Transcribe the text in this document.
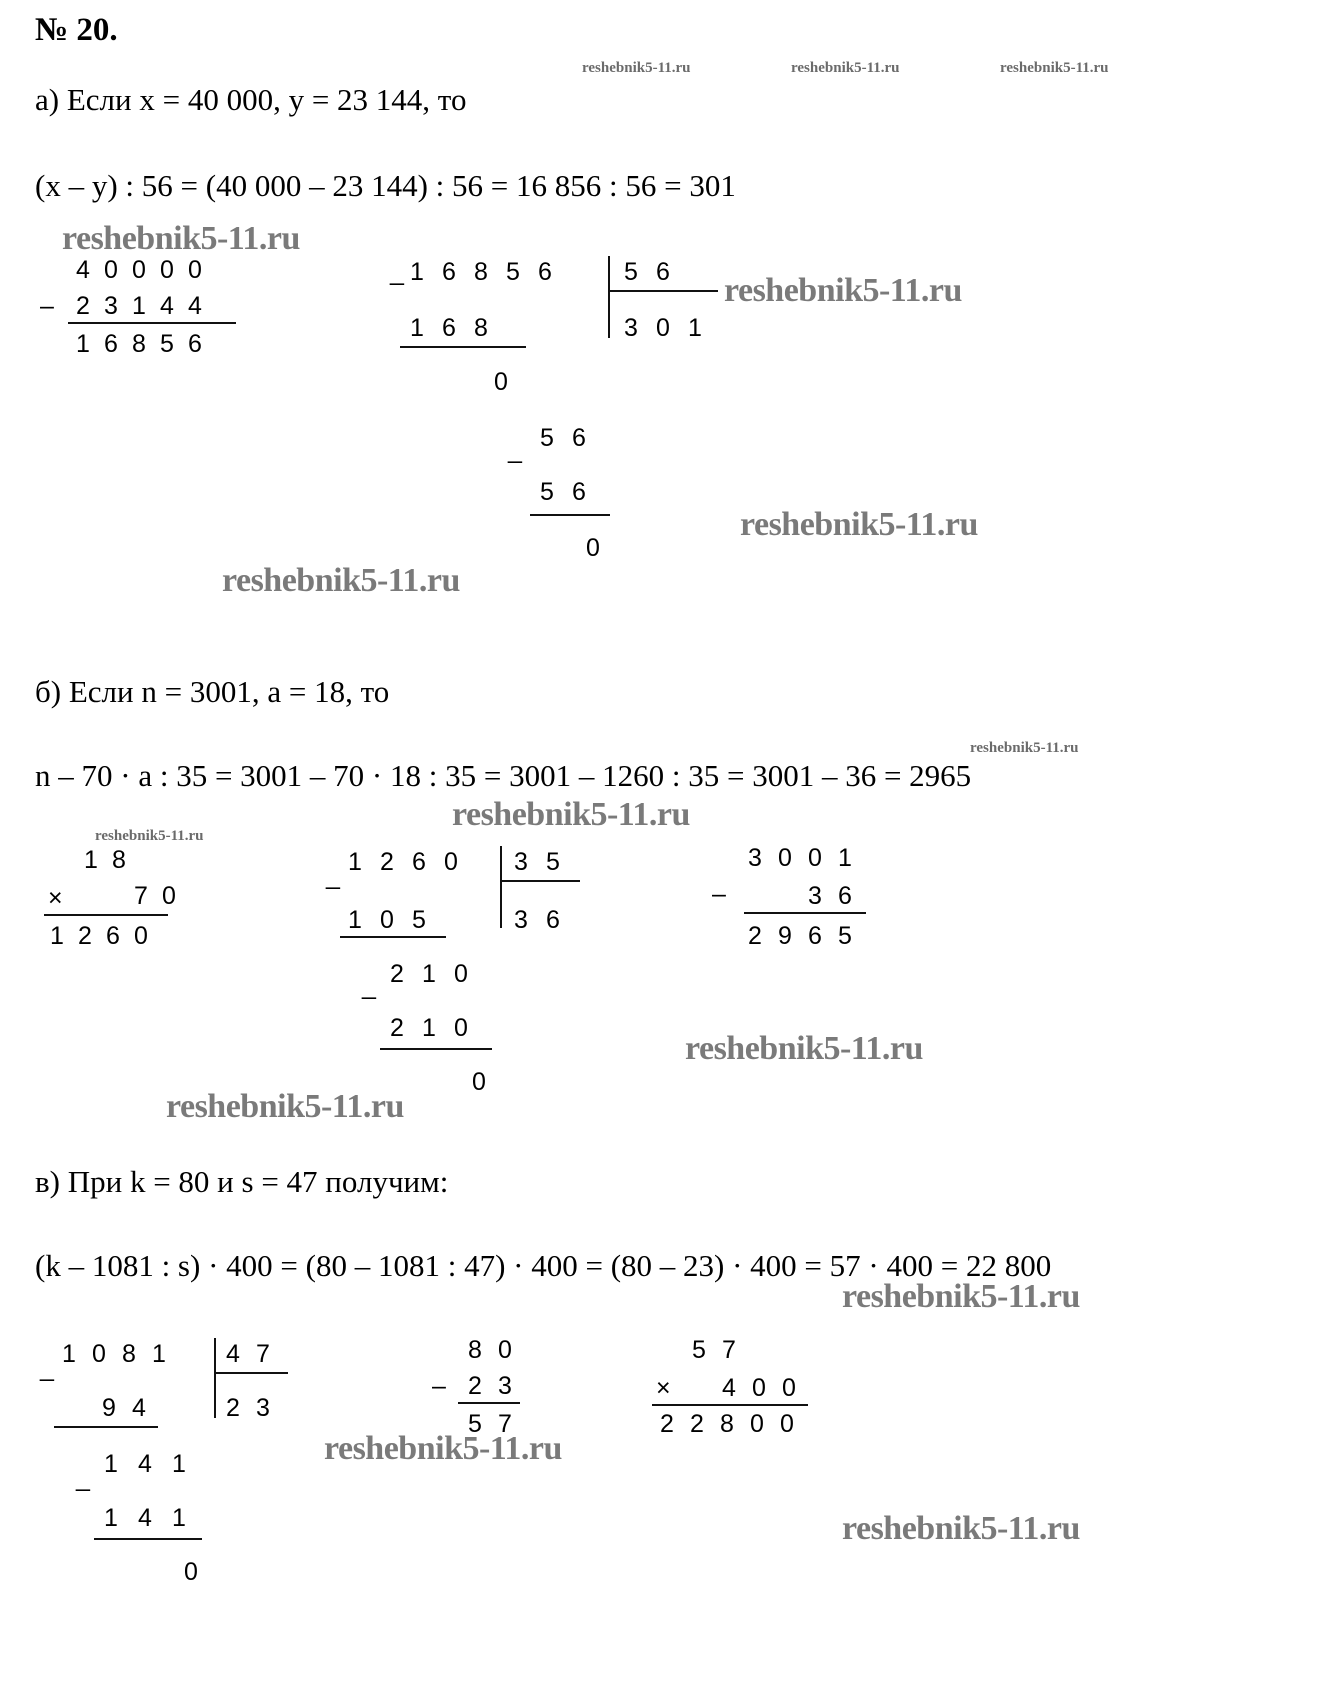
№ 20.
reshebnik5-11.ru	reshebnik5-11.ru	reshebnik5-11.ru
а) Если x = 40 000, y = 23 144, то
(x – y) : 56 = (40 000 – 23 144) : 56 = 16 856 : 56 = 301
reshebnik5-11.ru
4 0 0 0 0
– 2 3 1 4 4
1 6 8 5 6
_ 1 6 8 5 6	5 6
3 0 1
1 6 8
0
5 6
_
5 6
0
reshebnik5-11.ru
reshebnik5-11.ru
reshebnik5-11.ru
б) Если n = 3001, a = 18, то
reshebnik5-11.ru
n – 70 · a : 35 = 3001 – 70 · 18 : 35 = 3001 – 1260 : 35 = 3001 – 36 = 2965
reshebnik5-11.ru
reshebnik5-11.ru
1 8
×	7 0
1 2 6 0
_ 1 2 6 0 3 5
3 6
1 0 5
2 1 0
_
2 1 0
0
3 0 0 1
–	3 6
2 9 6 5
reshebnik5-11.ru
reshebnik5-11.ru
в) При k = 80 и s = 47 получим:
(k – 1081 : s) · 400 = (80 – 1081 : 47) · 400 = (80 – 23) · 400 = 57 · 400 = 22 800
reshebnik5-11.ru
_ 1 0 8 1 4 7
2 3
9 4
1 4 1
_
1 4 1
0
8 0
– 2 3
5 7
5 7
× 4 0 0
2 2 8 0 0
reshebnik5-11.ru
reshebnik5-11.ru
